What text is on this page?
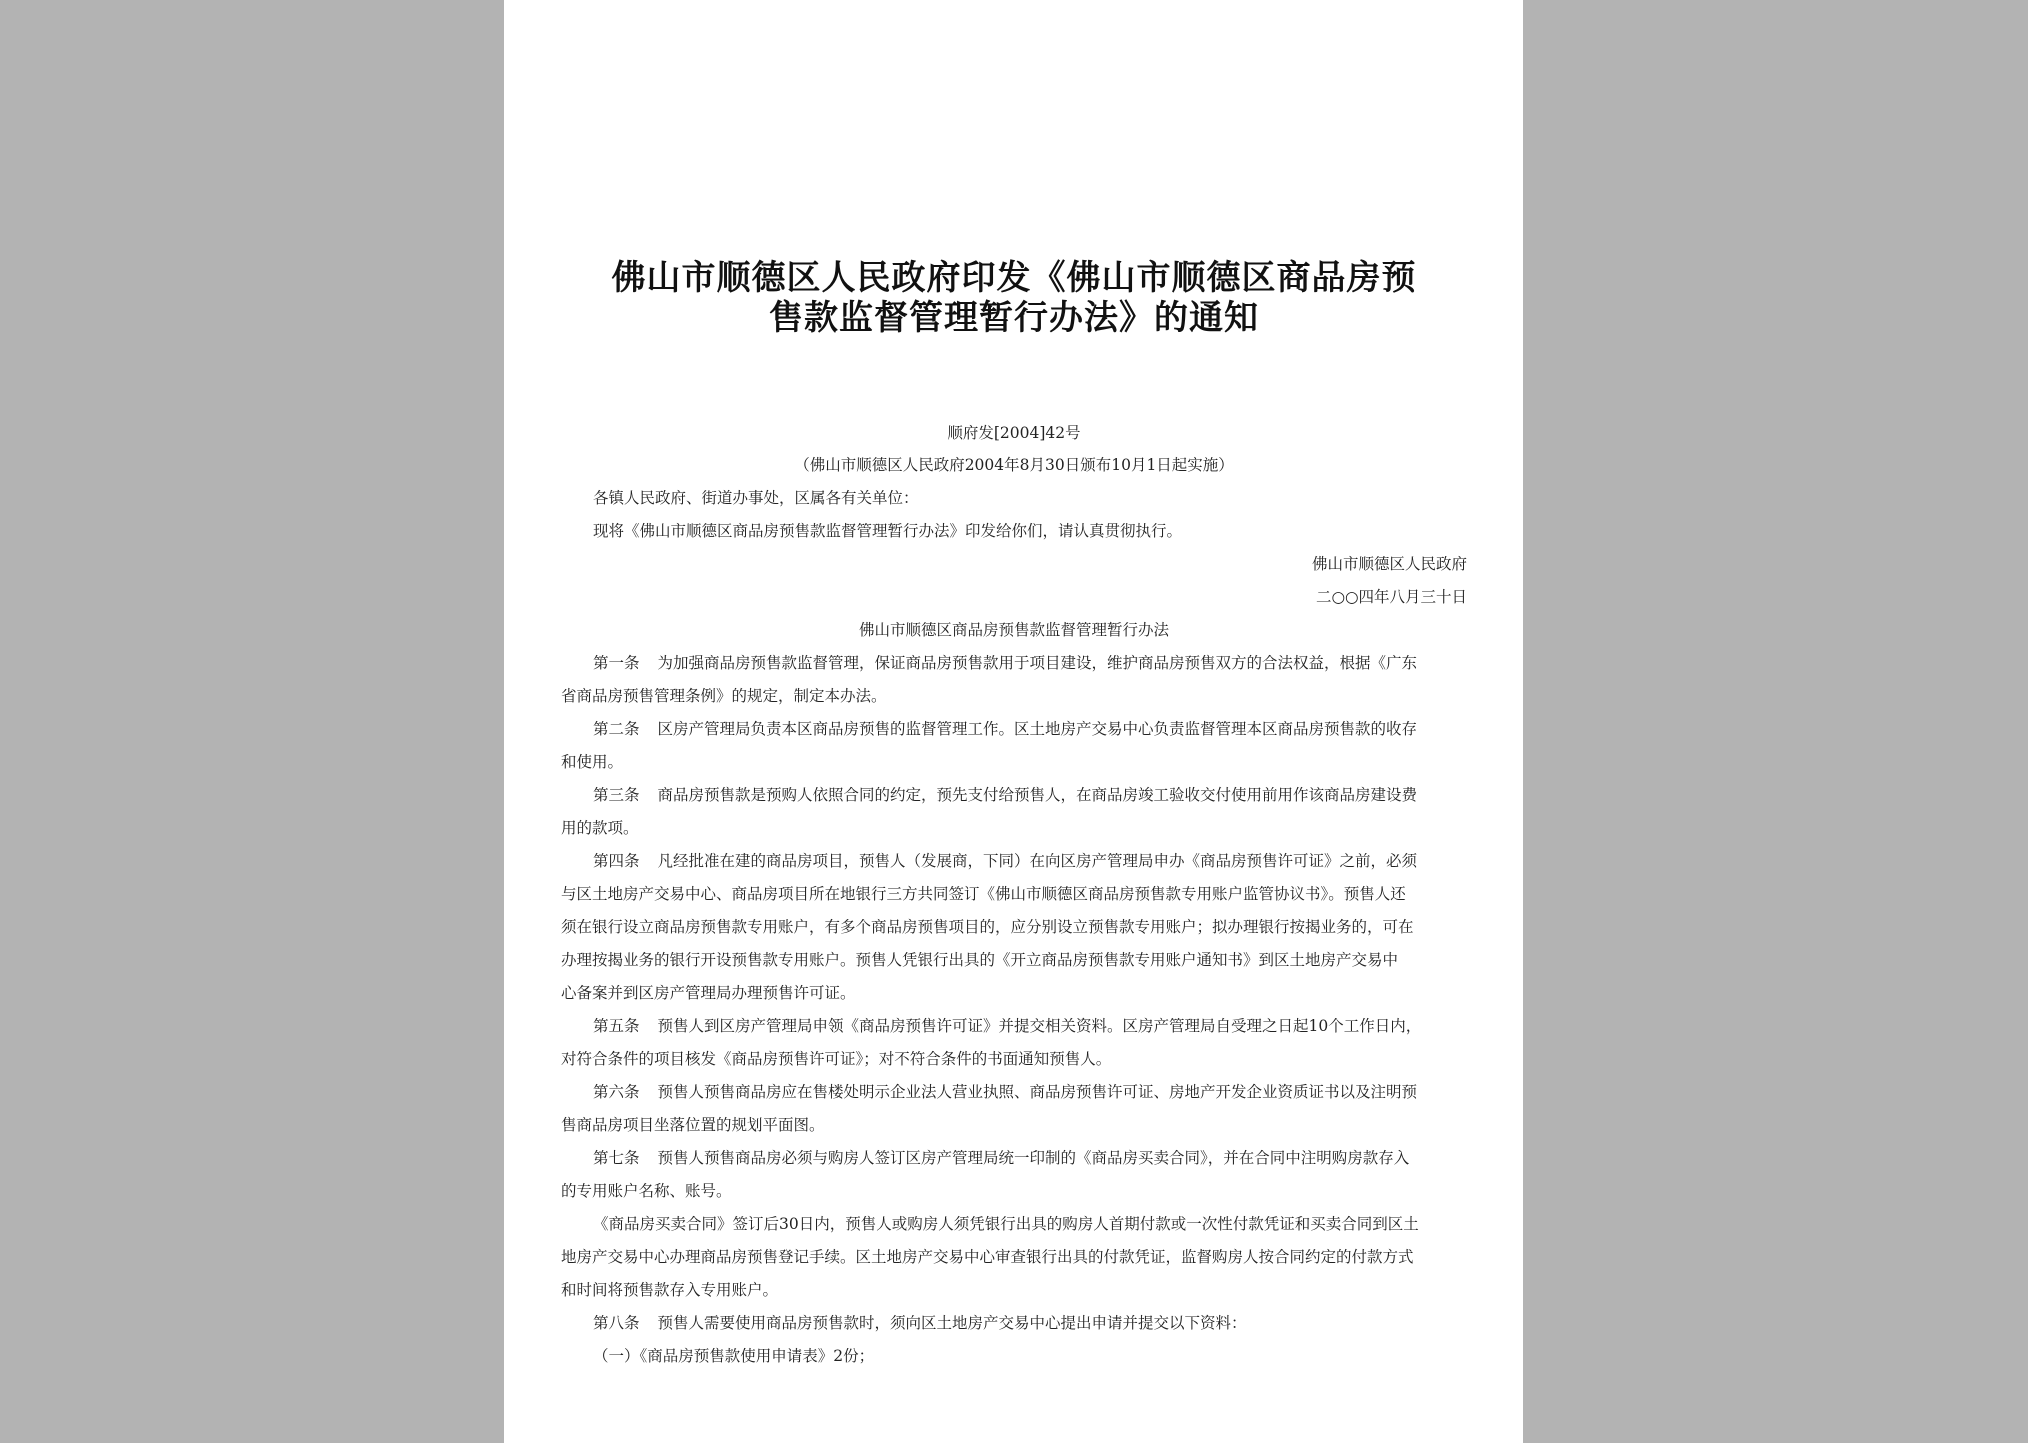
佛山市顺德区人民政府印发《佛山市顺德区商品房预
售款监督管理暂行办法》的通知
顺府发[2004]42号
（佛山市顺德区人民政府2004年8月30日颁布10月1日起实施）
各镇人民政府、街道办事处，区属各有关单位：
现将《佛山市顺德区商品房预售款监督管理暂行办法》印发给你们，请认真贯彻执行。
佛山市顺德区人民政府
二○○四年八月三十日
佛山市顺德区商品房预售款监督管理暂行办法
第一条 为加强商品房预售款监督管理，保证商品房预售款用于项目建设，维护商品房预售双方的合法权益，根据《广东
省商品房预售管理条例》的规定，制定本办法。
第二条 区房产管理局负责本区商品房预售的监督管理工作。区土地房产交易中心负责监督管理本区商品房预售款的收存
和使用。
第三条 商品房预售款是预购人依照合同的约定，预先支付给预售人，在商品房竣工验收交付使用前用作该商品房建设费
用的款项。
第四条 凡经批准在建的商品房项目，预售人（发展商，下同）在向区房产管理局申办《商品房预售许可证》之前，必须
与区土地房产交易中心、商品房项目所在地银行三方共同签订《佛山市顺德区商品房预售款专用账户监管协议书》。预售人还
须在银行设立商品房预售款专用账户，有多个商品房预售项目的，应分别设立预售款专用账户；拟办理银行按揭业务的，可在
办理按揭业务的银行开设预售款专用账户。预售人凭银行出具的《开立商品房预售款专用账户通知书》到区土地房产交易中
心备案并到区房产管理局办理预售许可证。
第五条 预售人到区房产管理局申领《商品房预售许可证》并提交相关资料。区房产管理局自受理之日起10个工作日内，
对符合条件的项目核发《商品房预售许可证》；对不符合条件的书面通知预售人。
第六条 预售人预售商品房应在售楼处明示企业法人营业执照、商品房预售许可证、房地产开发企业资质证书以及注明预
售商品房项目坐落位置的规划平面图。
第七条 预售人预售商品房必须与购房人签订区房产管理局统一印制的《商品房买卖合同》，并在合同中注明购房款存入
的专用账户名称、账号。
《商品房买卖合同》签订后30日内，预售人或购房人须凭银行出具的购房人首期付款或一次性付款凭证和买卖合同到区土
地房产交易中心办理商品房预售登记手续。区土地房产交易中心审查银行出具的付款凭证，监督购房人按合同约定的付款方式
和时间将预售款存入专用账户。
第八条 预售人需要使用商品房预售款时，须向区土地房产交易中心提出申请并提交以下资料：
（一）《商品房预售款使用申请表》2份；
